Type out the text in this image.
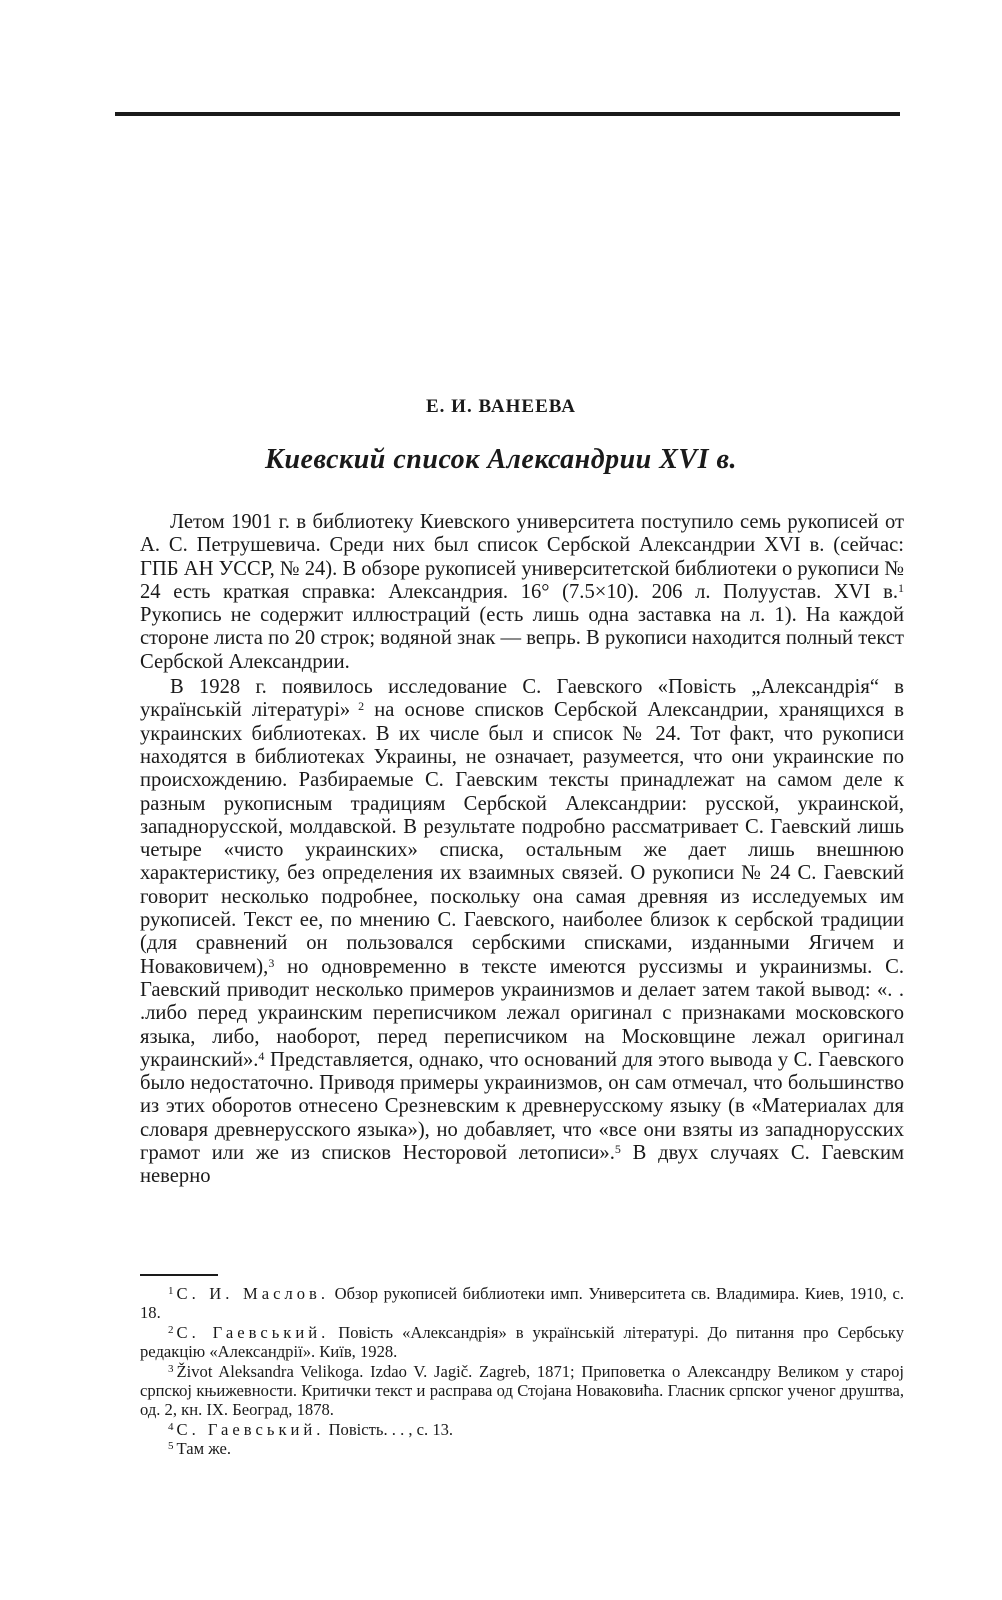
Е. И. ВАНЕЕВА
Киевский список Александрии XVI в.

Летом 1901 г. в библиотеку Киевского университета поступило семь рукописей от А. С. Петрушевича. Среди них был список Сербской Александрии XVI в. (сейчас: ГПБ АН УССР, № 24). В обзоре рукописей университетской библиотеки о рукописи № 24 есть краткая справка: Александрия. 16° (7.5×10). 206 л. Полуустав. XVI в.$^1$ Рукопись не содержит иллюстраций (есть лишь одна заставка на л. 1). На каждой стороне листа по 20 строк; водяной знак — вепрь. В рукописи находится полный текст Сербской Александрии.

В 1928 г. появилось исследование С. Гаевского «Повість „Александрія“ в українській літературі» $^2$ на основе списков Сербской Александрии, хранящихся в украинских библиотеках. В их числе был и список № 24. Тот факт, что рукописи находятся в библиотеках Украины, не означает, разумеется, что они украинские по происхождению. Разбираемые С. Гаевским тексты принадлежат на самом деле к разным рукописным традициям Сербской Александрии: русской, украинской, западнорусской, молдавской. В результате подробно рассматривает С. Гаевский лишь четыре «чисто украинских» списка, остальным же дает лишь внешнюю характеристику, без определения их взаимных связей. О рукописи № 24 С. Гаевский говорит несколько подробнее, поскольку она самая древняя из исследуемых им рукописей. Текст ее, по мнению С. Гаевского, наиболее близок к сербской традиции (для сравнений он пользовался сербскими списками, изданными Ягичем и Новаковичем),$^3$ но одновременно в тексте имеются руссизмы и украинизмы. С. Гаевский приводит несколько примеров украинизмов и делает затем такой вывод: «. . .либо перед украинским переписчиком лежал оригинал с признаками московского языка, либо, наоборот, перед переписчиком на Московщине лежал оригинал украинский».$^4$ Представляется, однако, что оснований для этого вывода у С. Гаевского было недостаточно. Приводя примеры украинизмов, он сам отмечал, что большинство из этих оборотов отнесено Срезневским к древнерусскому языку (в «Материалах для словаря древнерусского языка»), но добавляет, что «все они взяты из западнорусских грамот или же из списков Несторовой летописи».$^5$ В двух случаях С. Гаевским неверно

$^1$ С. И. Маслов. Обзор рукописей библиотеки имп. Университета св. Владимира. Киев, 1910, с. 18.

$^2$ С. Гаевський. Повість «Александрія» в українській літературі. До питання про Сербську редакцію «Александрії». Київ, 1928.

$^3$ Život Aleksandra Velikoga. Izdao V. Jagič. Zagreb, 1871; Приповетка о Александру Великом у старој српској књижевности. Критички текст и расправа од Стојана Новаковића. Гласник српског ученог друштва, од. 2, кн. IX. Београд, 1878.

$^4$ С. Гаевський. Повість. . . , с. 13.

$^5$ Там же.
